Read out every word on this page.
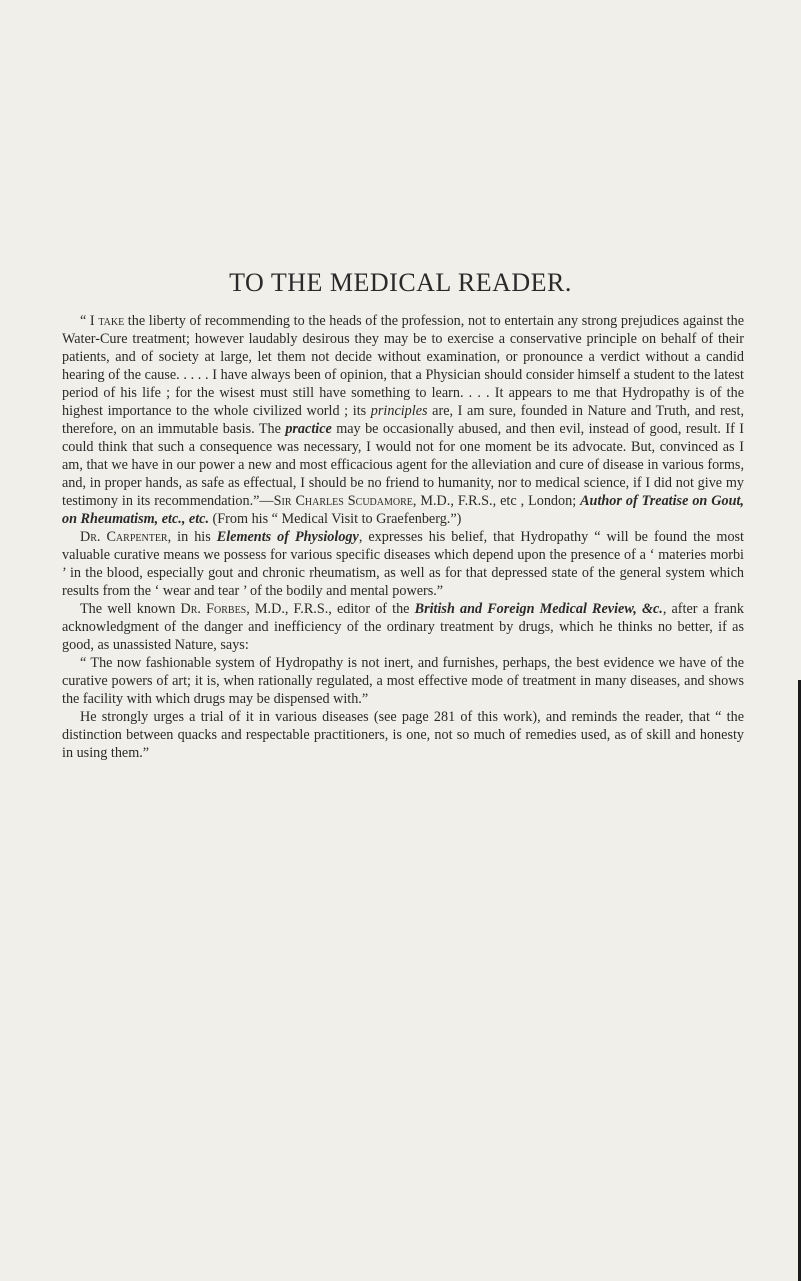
TO THE MEDICAL READER.

“ I take the liberty of recommending to the heads of the profession, not to entertain any strong prejudices against the Water-Cure treatment; however laudably desirous they may be to exercise a conservative principle on behalf of their patients, and of society at large, let them not decide without examination, or pronounce a verdict without a candid hearing of the cause. . . . . I have always been of opinion, that a Physician should consider himself a student to the latest period of his life ; for the wisest must still have something to learn. . . . It appears to me that Hydropathy is of the highest importance to the whole civilized world ; its principles are, I am sure, founded in Nature and Truth, and rest, therefore, on an immutable basis. The practice may be occasionally abused, and then evil, instead of good, result. If I could think that such a consequence was necessary, I would not for one moment be its advocate. But, convinced as I am, that we have in our power a new and most efficacious agent for the alleviation and cure of disease in various forms, and, in proper hands, as safe as effectual, I should be no friend to humanity, nor to medical science, if I did not give my testimony in its recommendation.”—Sir Charles Scudamore, M.D., F.R.S., etc , London; Author of Treatise on Gout, on Rheumatism, etc., etc. (From his “ Medical Visit to Graefenberg.”)

Dr. Carpenter, in his Elements of Physiology, expresses his belief, that Hydropathy “ will be found the most valuable curative means we possess for various specific diseases which depend upon the presence of a ‘ materies morbi ’ in the blood, especially gout and chronic rheumatism, as well as for that depressed state of the general system which results from the ‘ wear and tear ’ of the bodily and mental powers.”

The well known Dr. Forbes, M.D., F.R.S., editor of the British and Foreign Medical Review, &c., after a frank acknowledgment of the danger and inefficiency of the ordinary treatment by drugs, which he thinks no better, if as good, as unassisted Nature, says:

“ The now fashionable system of Hydropathy is not inert, and furnishes, perhaps, the best evidence we have of the curative powers of art; it is, when rationally regulated, a most effective mode of treatment in many diseases, and shows the facility with which drugs may be dispensed with.”

He strongly urges a trial of it in various diseases (see page 281 of this work), and reminds the reader, that “ the distinction between quacks and respectable practitioners, is one, not so much of remedies used, as of skill and honesty in using them.”
